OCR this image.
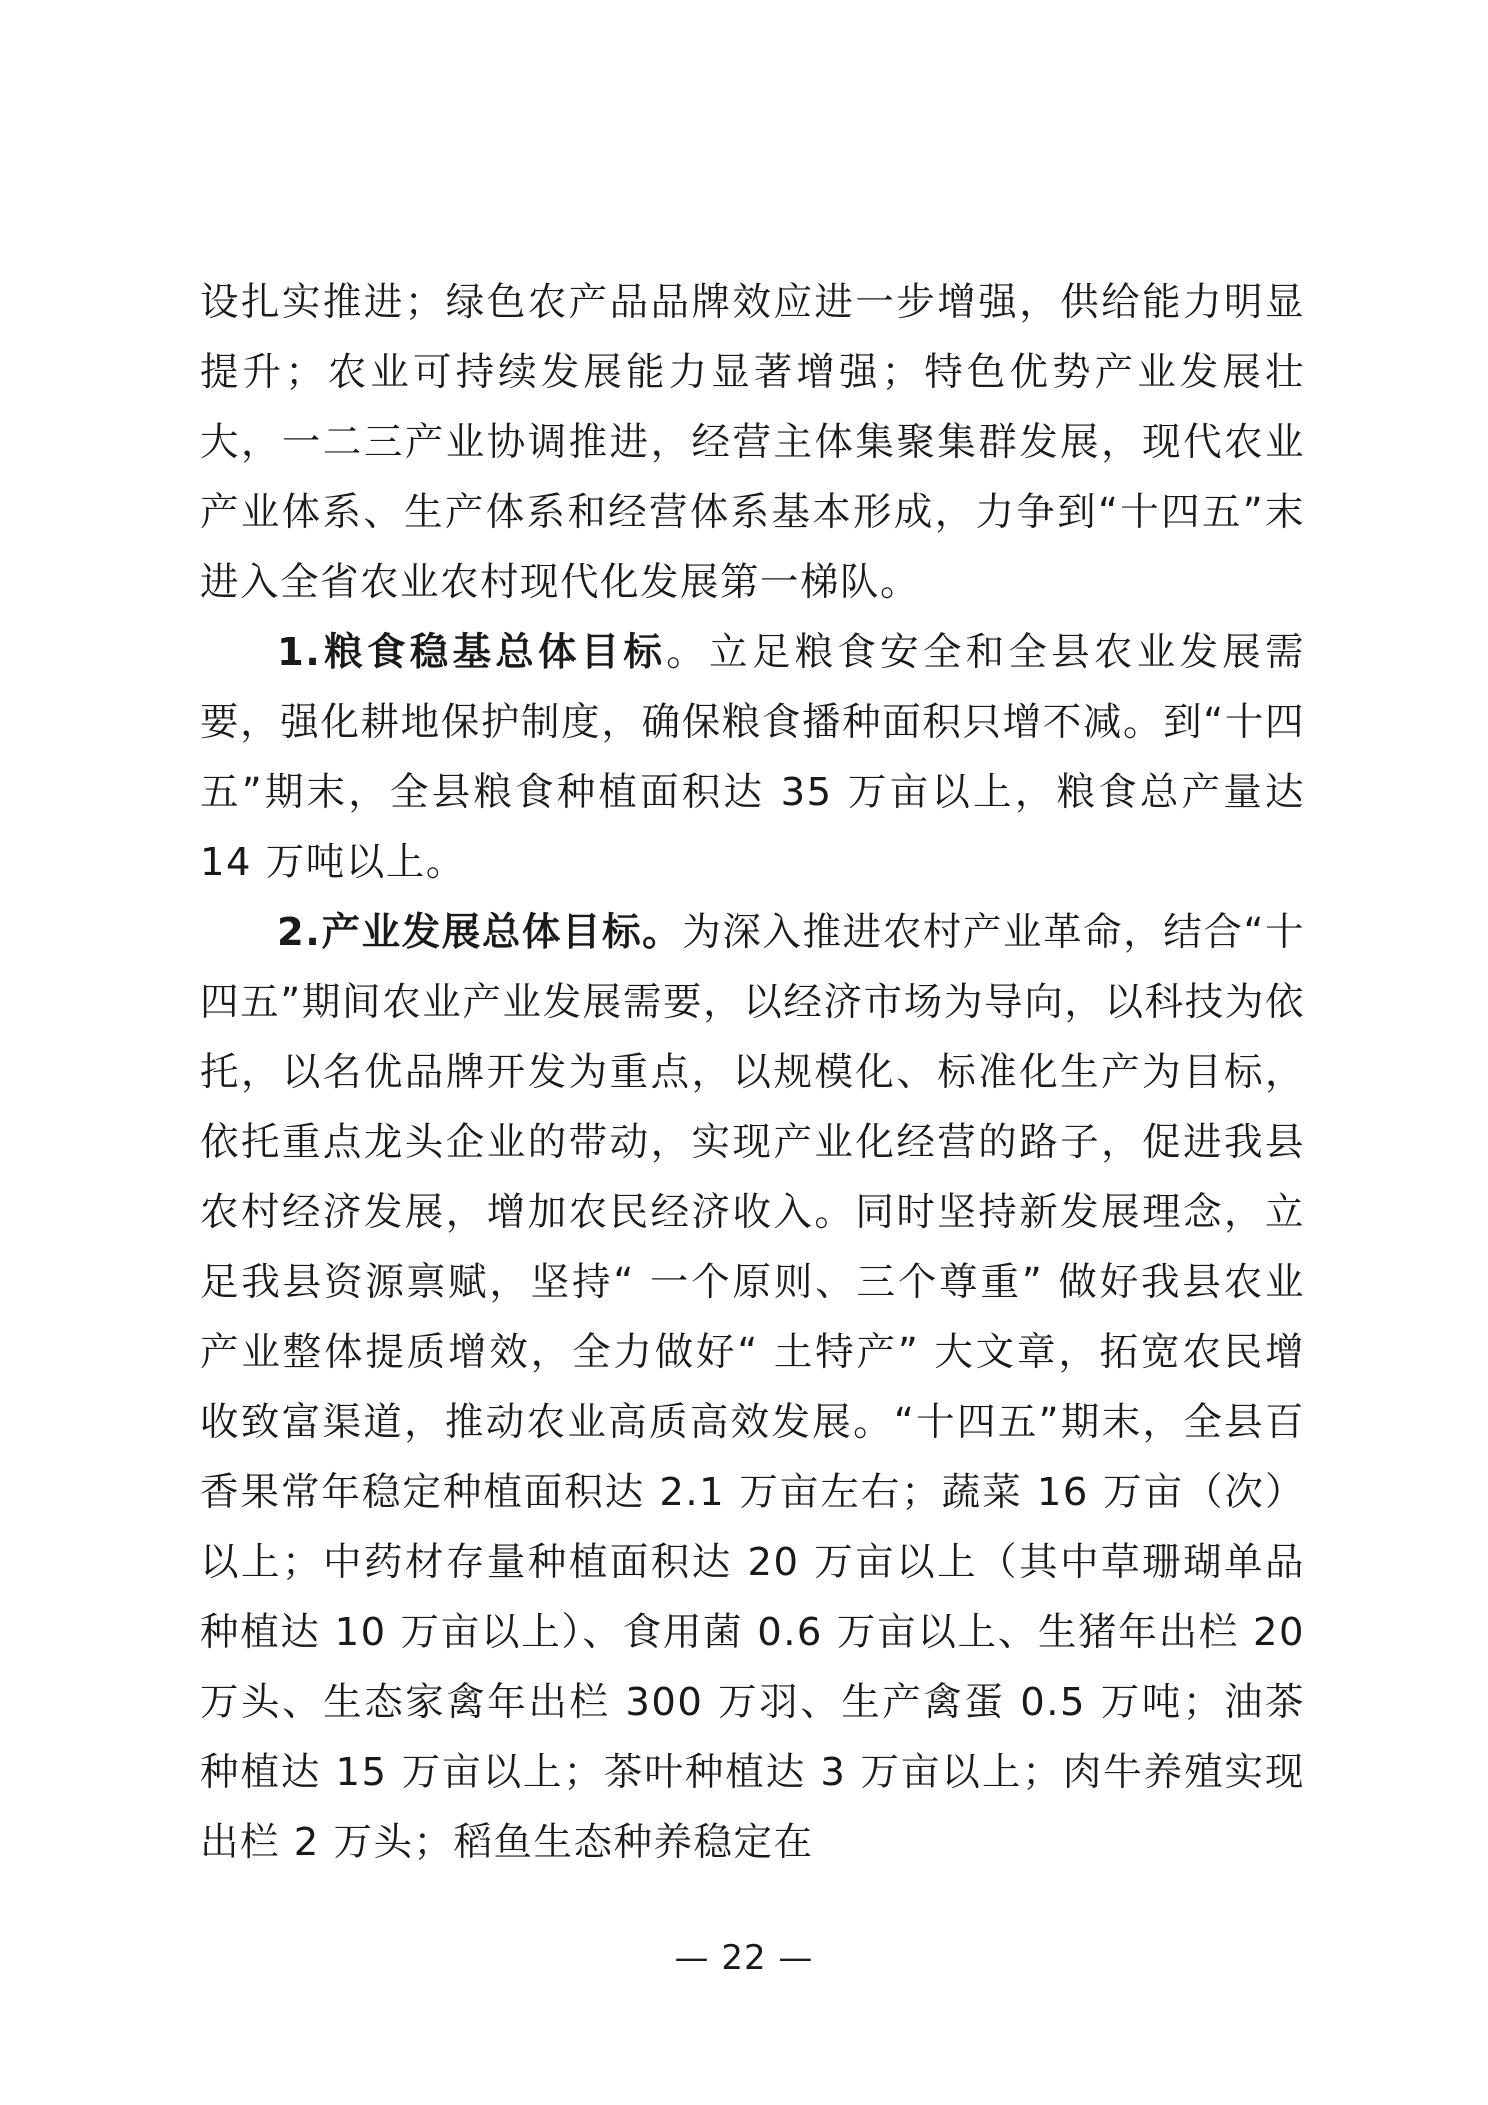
设扎实推进；绿色农产品品牌效应进一步增强，供给能力明显提升；农业可持续发展能力显著增强；特色优势产业发展壮大，一二三产业协调推进，经营主体集聚集群发展，现代农业产业体系、生产体系和经营体系基本形成，力争到“十四五”末进入全省农业农村现代化发展第一梯队。

1.粮食稳基总体目标。立足粮食安全和全县农业发展需要，强化耕地保护制度，确保粮食播种面积只增不减。到“十四五”期末，全县粮食种植面积达 35 万亩以上，粮食总产量达 14 万吨以上。

2.产业发展总体目标。为深入推进农村产业革命，结合“十四五”期间农业产业发展需要，以经济市场为导向，以科技为依托，以名优品牌开发为重点，以规模化、标准化生产为目标，依托重点龙头企业的带动，实现产业化经营的路子，促进我县农村经济发展，增加农民经济收入。同时坚持新发展理念，立足我县资源禀赋，坚持“ 一个原则、三个尊重” 做好我县农业产业整体提质增效，全力做好“ 土特产” 大文章，拓宽农民增收致富渠道，推动农业高质高效发展。“十四五”期末，全县百香果常年稳定种植面积达 2.1 万亩左右；蔬菜 16 万亩（次）以上；中药材存量种植面积达 20 万亩以上（其中草珊瑚单品种植达 10 万亩以上）、食用菌 0.6 万亩以上、生猪年出栏 20 万头、生态家禽年出栏 300 万羽、生产禽蛋 0.5 万吨；油茶种植达 15 万亩以上；茶叶种植达 3 万亩以上；肉牛养殖实现出栏 2 万头；稻鱼生态种养稳定在

— 22 —
